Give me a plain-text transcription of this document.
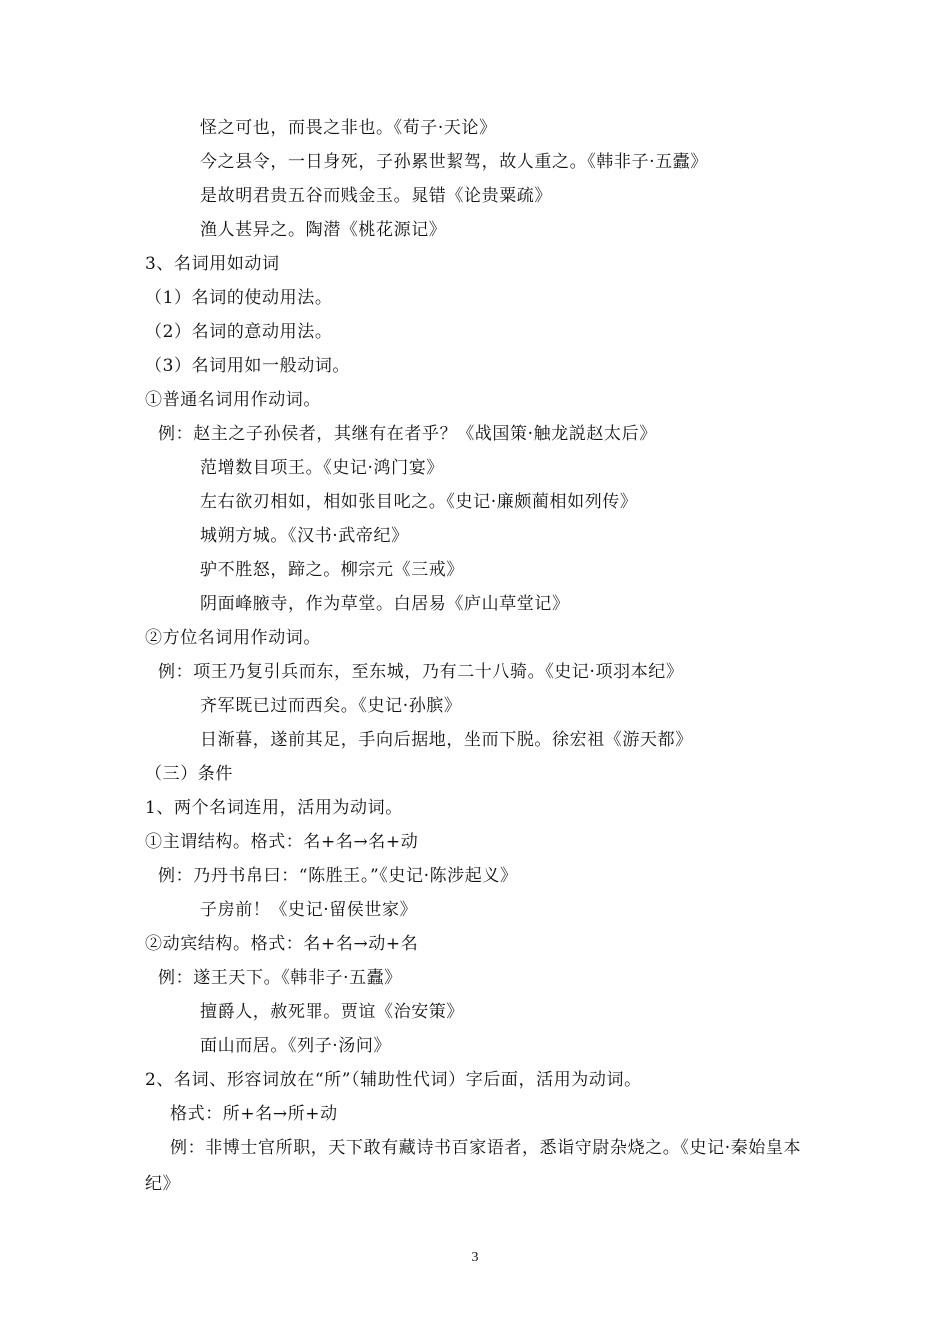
怪之可也，而畏之非也。《荀子·天论》
今之县令，一日身死，子孙累世絜驾，故人重之。《韩非子·五蠹》
是故明君贵五谷而贱金玉。晁错《论贵粟疏》
渔人甚异之。陶潜《桃花源记》
3、名词用如动词
（1）名词的使动用法。
（2）名词的意动用法。
（3）名词用如一般动词。
①普通名词用作动词。
例：赵主之子孙侯者，其继有在者乎？《战国策·触龙説赵太后》
范增数目项王。《史记·鸿门宴》
左右欲刃相如，相如张目叱之。《史记·廉颇蔺相如列传》
城朔方城。《汉书·武帝纪》
驴不胜怒，蹄之。柳宗元《三戒》
阴面峰腋寺，作为草堂。白居易《庐山草堂记》
②方位名词用作动词。
例：项王乃复引兵而东，至东城，乃有二十八骑。《史记·项羽本纪》
齐军既已过而西矣。《史记·孙膑》
日渐暮，遂前其足，手向后据地，坐而下脱。徐宏祖《游天都》
（三）条件
1、两个名词连用，活用为动词。
①主谓结构。格式：名+名→名+动
例：乃丹书帛曰：“陈胜王。”《史记·陈涉起义》
子房前！《史记·留侯世家》
②动宾结构。格式：名+名→动+名
例：遂王天下。《韩非子·五蠹》
擅爵人，赦死罪。贾谊《治安策》
面山而居。《列子·汤问》
2、名词、形容词放在“所”（辅助性代词）字后面，活用为动词。
格式：所+名→所+动
例：非博士官所职，天下敢有藏诗书百家语者，悉诣守尉杂烧之。《史记·秦始皇本
纪》
3
